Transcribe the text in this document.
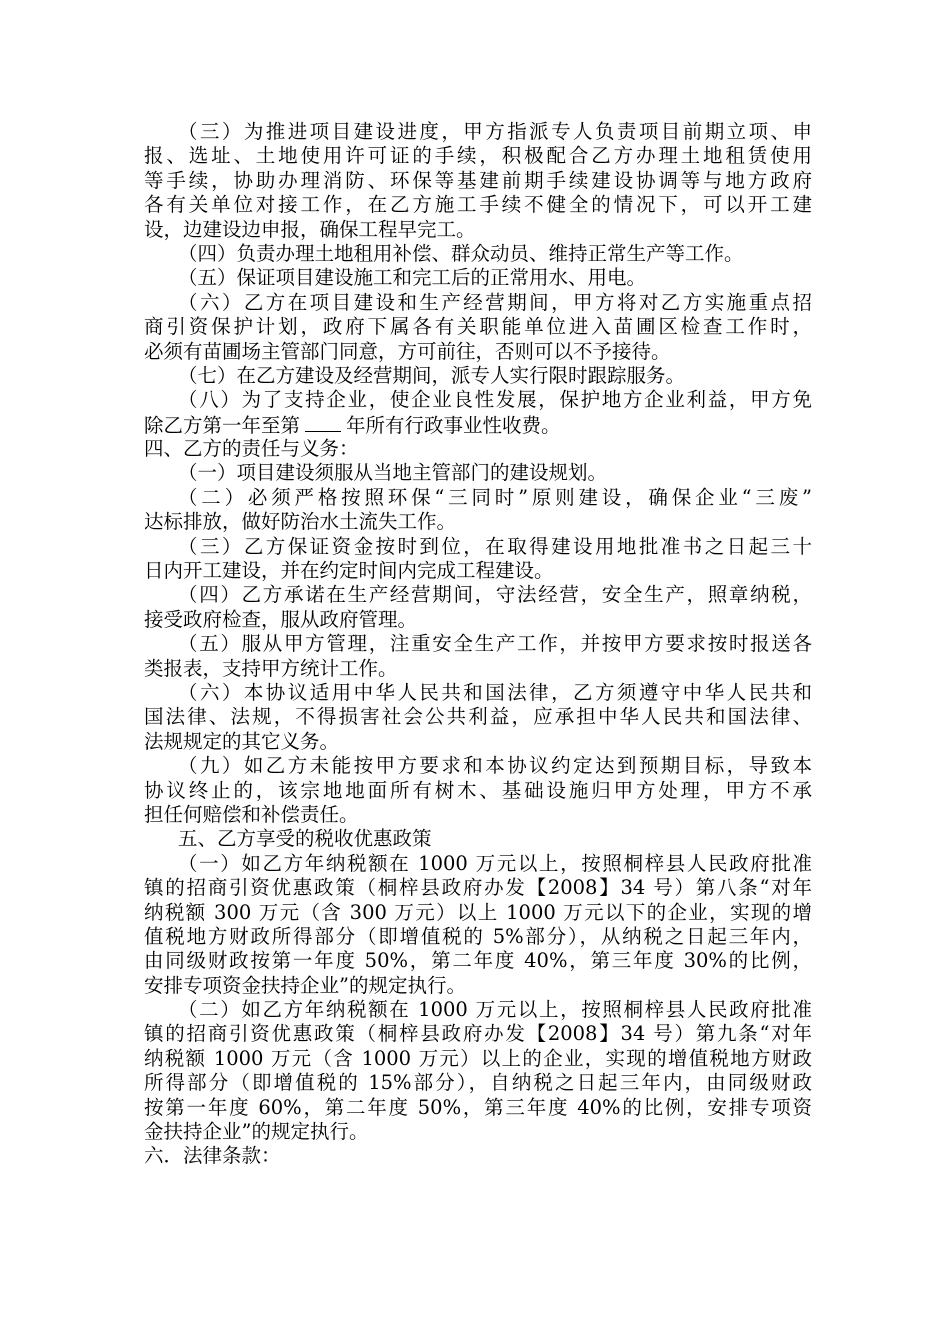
（三）为推进项目建设进度，甲方指派专人负责项目前期立项、申
报、选址、土地使用许可证的手续，积极配合乙方办理土地租赁使用
等手续，协助办理消防、环保等基建前期手续建设协调等与地方政府
各有关单位对接工作，在乙方施工手续不健全的情况下，可以开工建
设，边建设边申报，确保工程早完工。
（四）负责办理土地租用补偿、群众动员、维持正常生产等工作。
（五）保证项目建设施工和完工后的正常用水、用电。
（六）乙方在项目建设和生产经营期间，甲方将对乙方实施重点招
商引资保护计划，政府下属各有关职能单位进入苗圃区检查工作时，
必须有苗圃场主管部门同意，方可前往，否则可以不予接待。
（七）在乙方建设及经营期间，派专人实行限时跟踪服务。
（八）为了支持企业，使企业良性发展，保护地方企业利益，甲方免
除乙方第一年至第 年所有行政事业性收费。
四、乙方的责任与义务：
（一）项目建设须服从当地主管部门的建设规划。
（二）必须严格按照环保“三同时”原则建设，确保企业“三废”
达标排放，做好防治水土流失工作。
（三）乙方保证资金按时到位，在取得建设用地批准书之日起三十
日内开工建设，并在约定时间内完成工程建设。
（四）乙方承诺在生产经营期间，守法经营，安全生产，照章纳税，
接受政府检查，服从政府管理。
（五）服从甲方管理，注重安全生产工作，并按甲方要求按时报送各
类报表，支持甲方统计工作。
（六）本协议适用中华人民共和国法律，乙方须遵守中华人民共和
国法律、法规，不得损害社会公共利益，应承担中华人民共和国法律、
法规规定的其它义务。
（九）如乙方未能按甲方要求和本协议约定达到预期目标，导致本
协议终止的，该宗地地面所有树木、基础设施归甲方处理，甲方不承
担任何赔偿和补偿责任。
五、乙方享受的税收优惠政策
（一）如乙方年纳税额在 1000 万元以上，按照桐梓县人民政府批准
镇的招商引资优惠政策（桐梓县政府办发【2008】34 号）第八条“对年
纳税额 300 万元（含 300 万元）以上 1000 万元以下的企业，实现的增
值税地方财政所得部分（即增值税的 5%部分），从纳税之日起三年内，
由同级财政按第一年度 50%，第二年度 40%，第三年度 30%的比例，
安排专项资金扶持企业”的规定执行。
（二）如乙方年纳税额在 1000 万元以上，按照桐梓县人民政府批准
镇的招商引资优惠政策（桐梓县政府办发【2008】34 号）第九条“对年
纳税额 1000 万元（含 1000 万元）以上的企业，实现的增值税地方财政
所得部分（即增值税的 15%部分），自纳税之日起三年内，由同级财政
按第一年度 60%，第二年度 50%，第三年度 40%的比例，安排专项资
金扶持企业”的规定执行。
六．法律条款：
